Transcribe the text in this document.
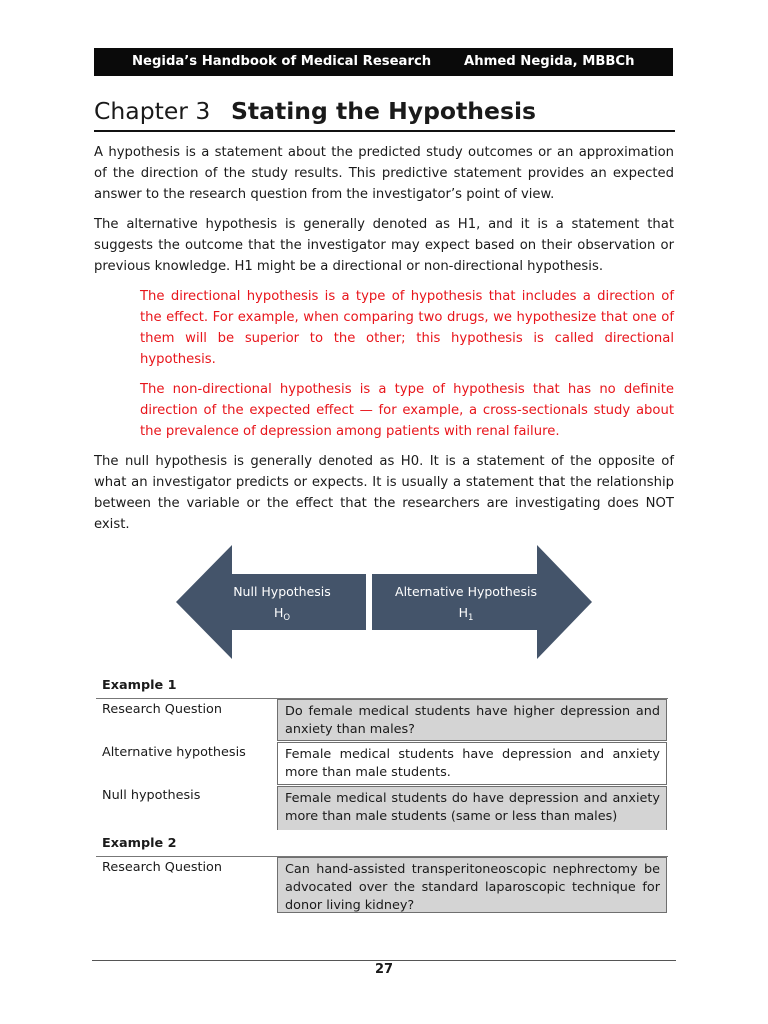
Negida’s Handbook of Medical Research Ahmed Negida, MBBCh
Chapter 3 Stating the Hypothesis

A hypothesis is a statement about the predicted study outcomes or an approximation of the direction of the study results. This predictive statement provides an expected answer to the research question from the investigator’s point of view.

The alternative hypothesis is generally denoted as H1, and it is a statement that suggests the outcome that the investigator may expect based on their observation or previous knowledge. H1 might be a directional or non-directional hypothesis.

The directional hypothesis is a type of hypothesis that includes a direction of the effect. For example, when comparing two drugs, we hypothesize that one of them will be superior to the other; this hypothesis is called directional hypothesis.

The non-directional hypothesis is a type of hypothesis that has no definite direction of the expected effect — for example, a cross-sectionals study about the prevalence of depression among patients with renal failure.

The null hypothesis is generally denoted as H0. It is a statement of the opposite of what an investigator predicts or expects. It is usually a statement that the relationship between the variable or the effect that the researchers are investigating does NOT exist.

Null Hypothesis
$H_O$
Alternative Hypothesis
$H_1$
Example 1
Research Question	Do female medical students have higher depression and anxiety than males?
Alternative hypothesis	Female medical students have depression and anxiety more than male students.
Null hypothesis	Female medical students do have depression and anxiety more than male students (same or less than males)
Example 2
Research Question	Can hand-assisted transperitoneoscopic nephrectomy be advocated over the standard laparoscopic technique for donor living kidney?
27
